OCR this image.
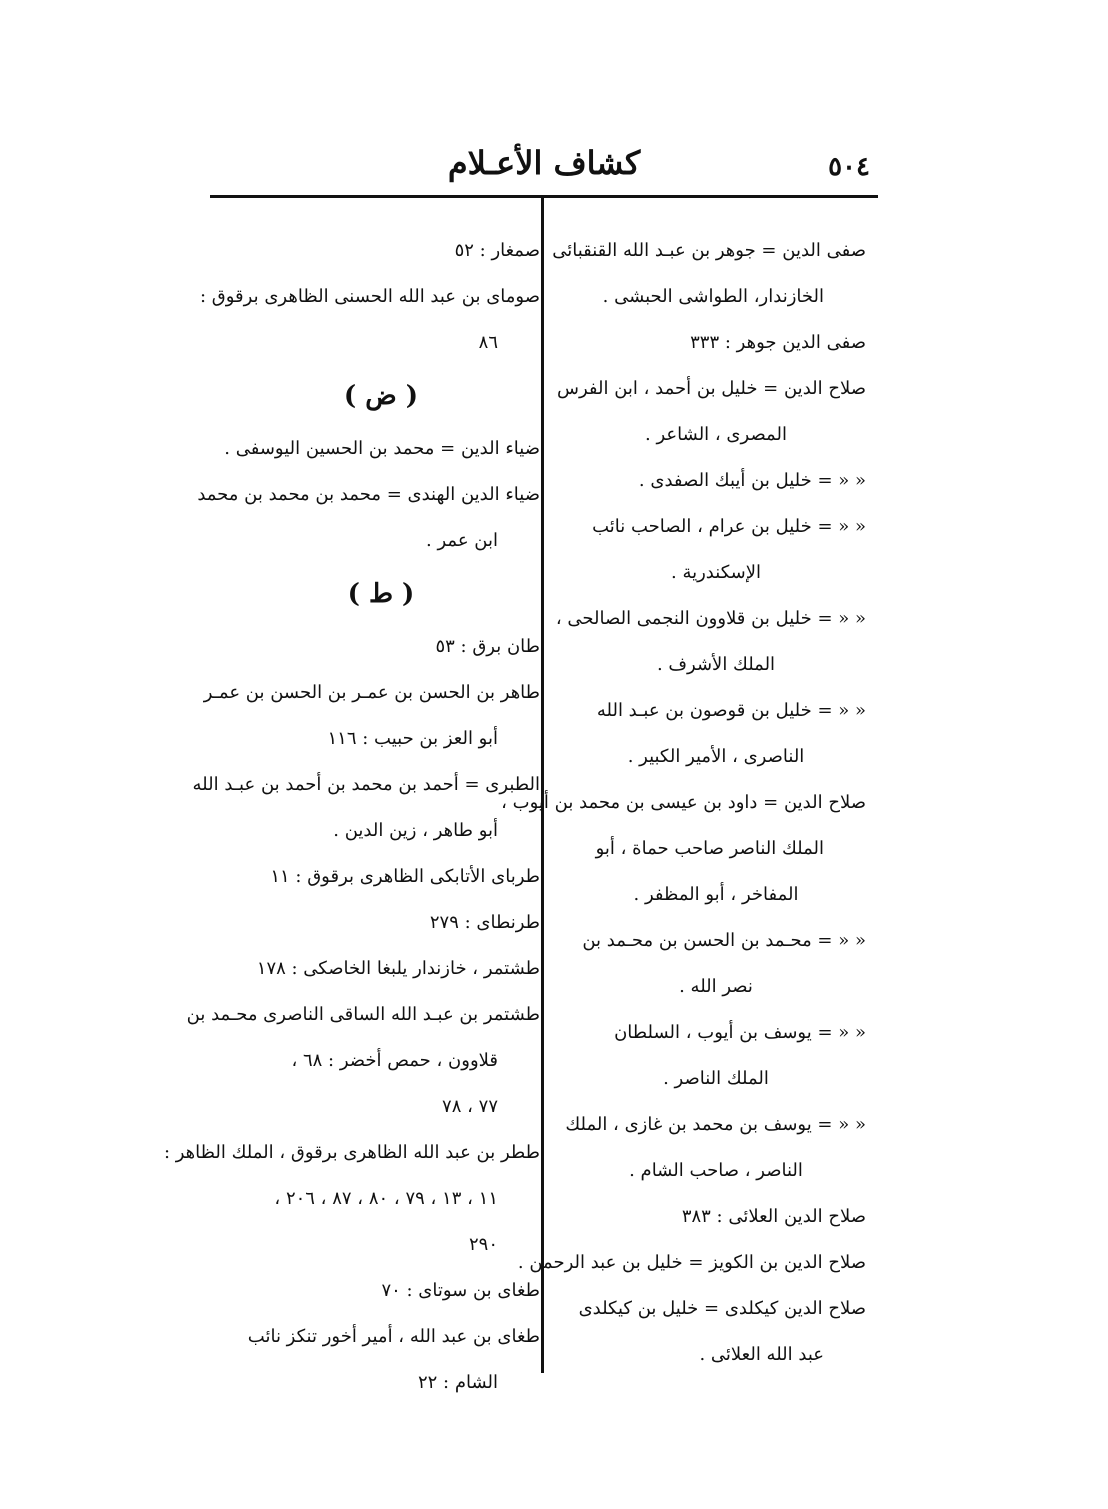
٥٠٤
كشاف الأعـلام
صفى الدين = جوهر بن عبـد الله القنقبائى
الخازندار، الطواشى الحبشى .
صفى الدين جوهر : ٣٣٣
صلاح الدين = خليل بن أحمد ، ابن الفرس
المصرى ، الشاعر .
« « = خليل بن أيبك الصفدى .
« « = خليل بن عرام ، الصاحب نائب
الإسكندرية .
« « = خليل بن قلاوون النجمى الصالحى ،
الملك الأشرف .
« « = خليل بن قوصون بن عبـد الله
الناصرى ، الأمير الكبير .
صلاح الدين = داود بن عيسى بن محمد بن أيوب ،
الملك الناصر صاحب حماة ، أبو
المفاخر ، أبو المظفر .
« « = محـمد بن الحسن بن محـمد بن
نصر الله .
« « = يوسف بن أيوب ، السلطان
الملك الناصر .
« « = يوسف بن محمد بن غازى ، الملك
الناصر ، صاحب الشام .
صلاح الدين العلائى : ٣٨٣
صلاح الدين بن الكويز = خليل بن عبد الرحمن .
صلاح الدين كيكلدى = خليل بن كيكلدى
عبد الله العلائى .
صمغار : ٥٢
صوماى بن عبد الله الحسنى الظاهرى برقوق :
٨٦
( ض )
ضياء الدين = محمد بن الحسين اليوسفى .
ضياء الدين الهندى = محمد بن محمد بن محمد
ابن عمر .
( ط )
طان برق : ٥٣
طاهر بن الحسن بن عمـر بن الحسن بن عمـر
أبو العز بن حبيب : ١١٦
الطبرى = أحمد بن محمد بن أحمد بن عبـد الله
أبو طاهر ، زين الدين .
طرباى الأتابكى الظاهرى برقوق : ١١
طرنطاى : ٢٧٩
طشتمر ، خازندار يلبغا الخاصكى : ١٧٨
طشتمر بن عبـد الله الساقى الناصرى محـمد بن
قلاوون ، حمص أخضر : ٦٨ ،
٧٧ ، ٧٨
ططر بن عبد الله الظاهرى برقوق ، الملك الظاهر :
١١ ، ١٣ ، ٧٩ ، ٨٠ ، ٨٧ ، ٢٠٦ ،
٢٩٠
طغاى بن سوتاى : ٧٠
طغاى بن عبد الله ، أمير أخور تنكز نائب
الشام : ٢٢
